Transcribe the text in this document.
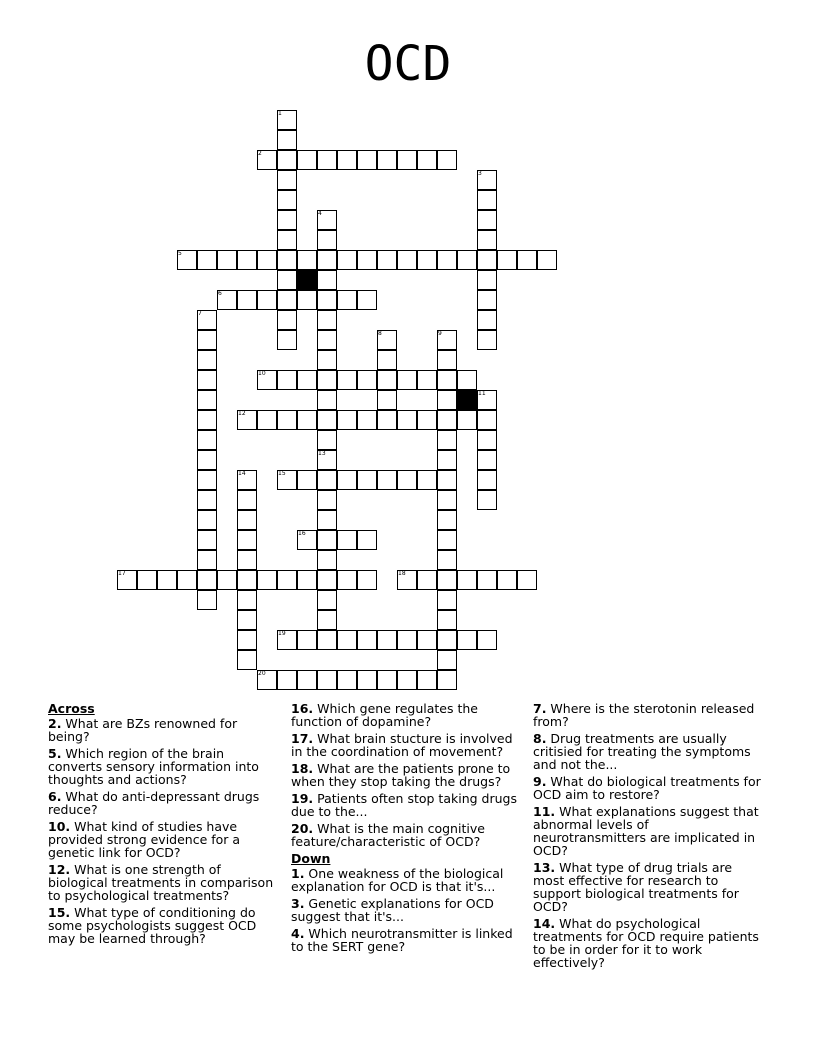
OCD
1
2
3
4
5
6
7
8	9
10
11
12
13
14	15
16
17	18
19
20
Across
2. What are BZs renowned for being?
5. Which region of the brain converts sensory information into thoughts and actions?
6. What do anti-depressant drugs reduce?
10. What kind of studies have provided strong evidence for a genetic link for OCD?
12. What is one strength of biological treatments in comparison to psychological treatments?
15. What type of conditioning do some psychologists suggest OCD may be learned through?
16. Which gene regulates the function of dopamine?
17. What brain stucture is involved in the coordination of movement?
18. What are the patients prone to when they stop taking the drugs?
19. Patients often stop taking drugs due to the...
20. What is the main cognitive feature/characteristic of OCD?
Down
1. One weakness of the biological explanation for OCD is that it's...
3. Genetic explanations for OCD suggest that it's...
4. Which neurotransmitter is linked to the SERT gene?
7. Where is the sterotonin released from?
8. Drug treatments are usually critisied for treating the symptoms and not the...
9. What do biological treatments for OCD aim to restore?
11. What explanations suggest that abnormal levels of neurotransmitters are implicated in OCD?
13. What type of drug trials are most effective for research to support biological treatments for OCD?
14. What do psychological treatments for OCD require patients to be in order for it to work effectively?
